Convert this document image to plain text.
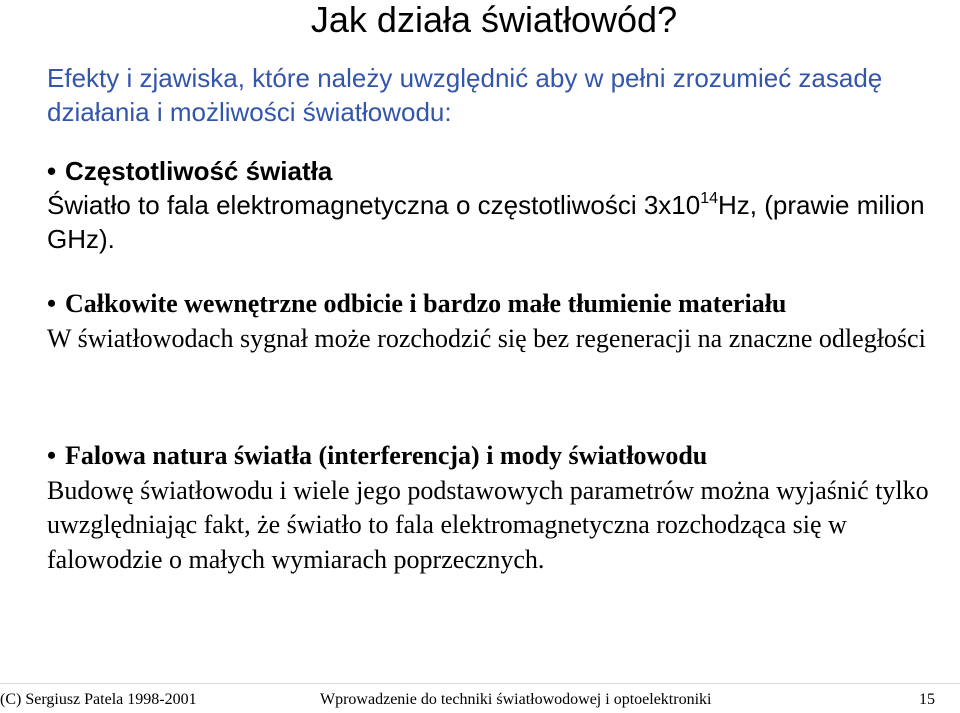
Jak działa światłowód?

Efekty i zjawiska, które należy uwzględnić aby w pełni zrozumieć zasadę działania i możliwości światłowodu:

• Częstotliwość światła
Światło to fala elektromagnetyczna o częstotliwości $3x10^{14}Hz$, (prawie milion GHz).
• Całkowite wewnętrzne odbicie i bardzo małe tłumienie materiału
W światłowodach sygnał może rozchodzić się bez regeneracji na znaczne odległości
• Falowa natura światła (interferencja) i mody światłowodu
Budowę światłowodu i wiele jego podstawowych parametrów można wyjaśnić tylko uwzględniając fakt, że światło to fala elektromagnetyczna rozchodząca się w falowodzie o małych wymiarach poprzecznych.
(C) Sergiusz Patela 1998-2001	Wprowadzenie do techniki światłowodowej i optoelektroniki	15
